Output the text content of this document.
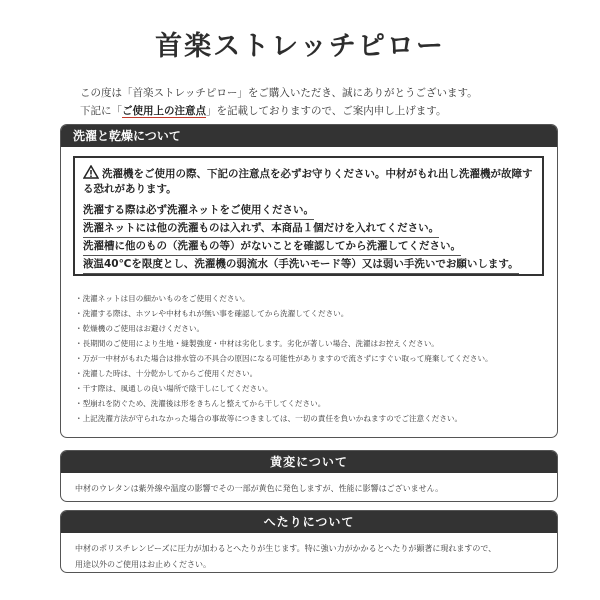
首楽ストレッチピロー
この度は「首楽ストレッチピロー」をご購入いただき、誠にありがとうございます。
下記に「ご使用上の注意点」を記載しておりますので、ご案内申し上げます。
洗濯と乾燥について
洗濯機をご使用の際、下記の注意点を必ずお守りください。中材がもれ出し洗濯機が故障する恐れがあります。
洗濯する際は必ず洗濯ネットをご使用ください。
洗濯ネットには他の洗濯ものは入れず、本商品１個だけを入れてください。
洗濯槽に他のもの（洗濯もの等）がないことを確認してから洗濯してください。
液温40℃を限度とし、洗濯機の弱流水（手洗いモード等）又は弱い手洗いでお願いします。
・洗濯ネットは目の細かいものをご使用ください。
・洗濯する際は、ホツレや中材もれが無い事を確認してから洗濯してください。
・乾燥機のご使用はお避けください。
・長期間のご使用により生地・縫製強度・中材は劣化します。劣化が著しい場合、洗濯はお控えください。
・万が一中材がもれた場合は排水管の不具合の原因になる可能性がありますので流さずにすぐい取って廃棄してください。
・洗濯した時は、十分乾かしてからご使用ください。
・干す際は、風通しの良い場所で陰干しにしてください。
・型崩れを防ぐため、洗濯後は形をきちんと整えてから干してください。
・上記洗濯方法が守られなかった場合の事故等につきましては、一切の責任を負いかねますのでご注意ください。
黄変について
中材のウレタンは紫外線や温度の影響でその一部が黄色に発色しますが、性能に影響はございません。
へたりについて
中材のポリスチレンビーズに圧力が加わるとへたりが生じます。特に強い力がかかるとへたりが顕著に現れますので、
用途以外のご使用はお止めください。
